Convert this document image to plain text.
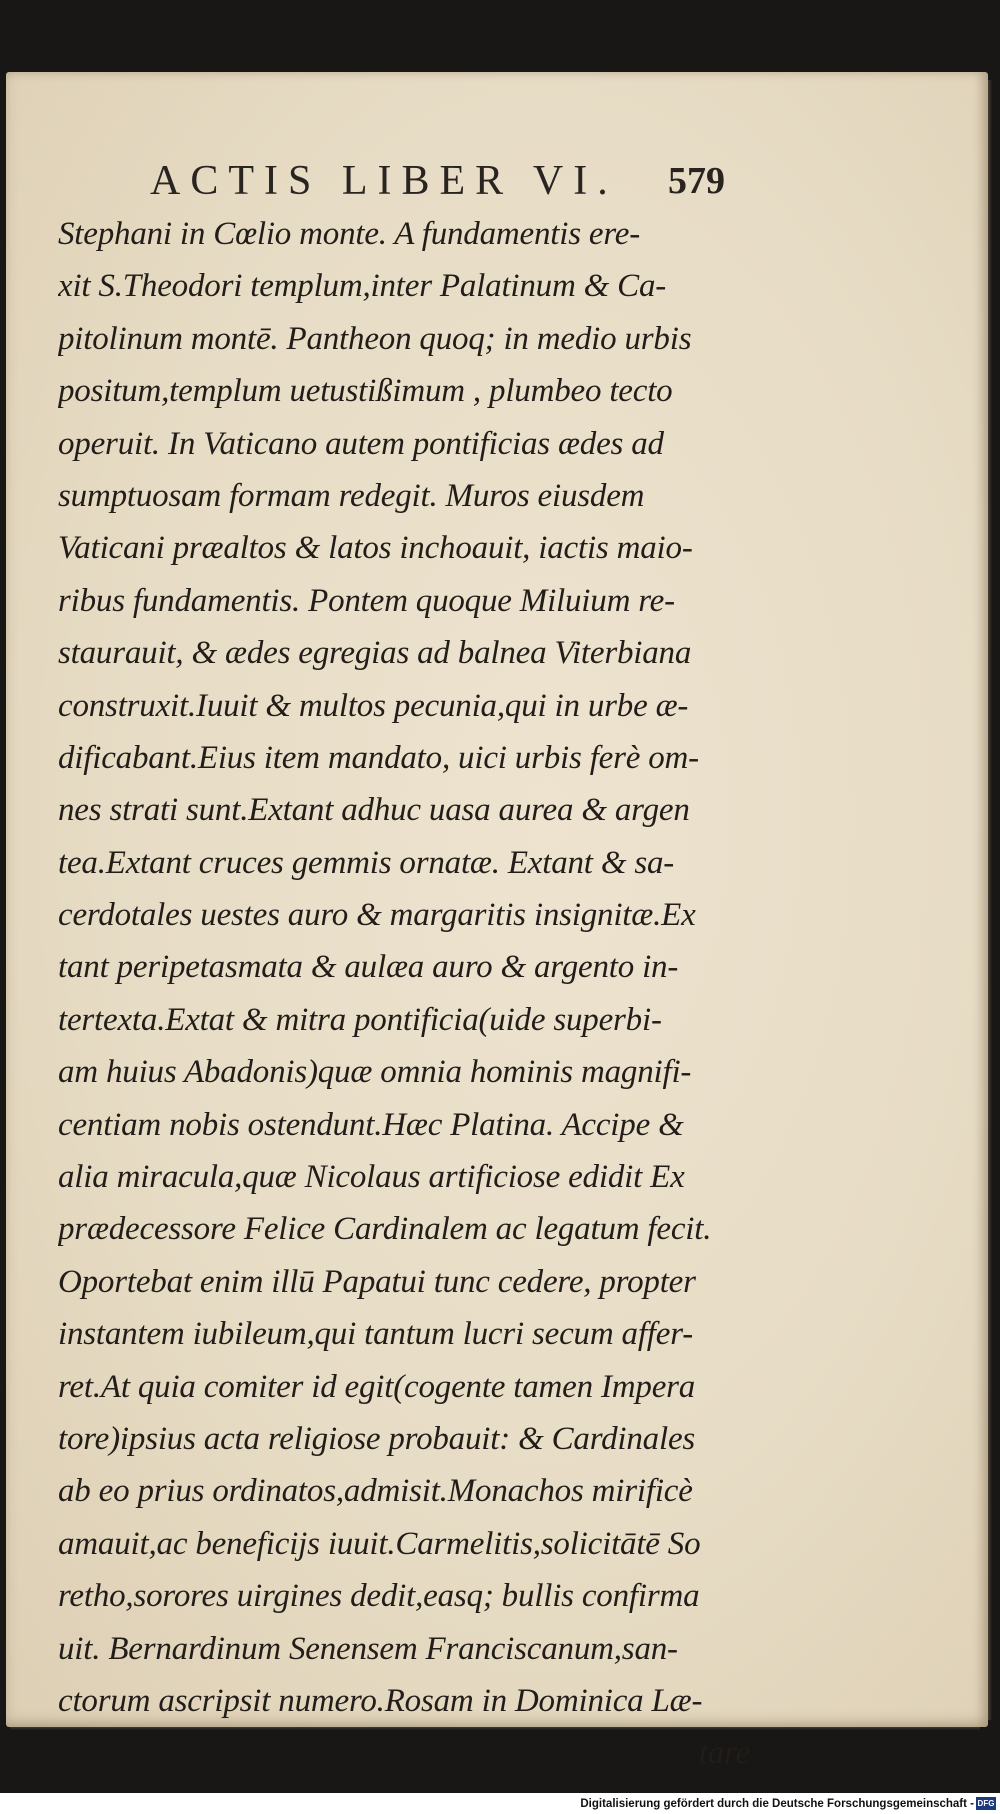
ACTIS LIBER VI.	579
Stephani in Cœlio monte. A fundamentis ere-
xit S.Theodori templum,inter Palatinum & Ca-
pitolinum montē. Pantheon quoq; in medio urbis
positum,templum uetustißimum , plumbeo tecto
operuit. In Vaticano autem pontificias ædes ad
sumptuosam formam redegit. Muros eiusdem
Vaticani præaltos & latos inchoauit, iactis maio-
ribus fundamentis. Pontem quoque Miluium re-
staurauit, & ædes egregias ad balnea Viterbiana
construxit.Iuuit & multos pecunia,qui in urbe æ-
dificabant.Eius item mandato, uici urbis ferè om-
nes strati sunt.Extant adhuc uasa aurea & argen
tea.Extant cruces gemmis ornatæ. Extant & sa-
cerdotales uestes auro & margaritis insignitæ.Ex
tant peripetasmata & aulæa auro & argento in-
tertexta.Extat & mitra pontificia(uide superbi-
am huius Abadonis)quæ omnia hominis magnifi-
centiam nobis ostendunt.Hæc Platina. Accipe &
alia miracula,quæ Nicolaus artificiose edidit Ex
prædecessore Felice Cardinalem ac legatum fecit.
Oportebat enim illū Papatui tunc cedere, propter
instantem iubileum,qui tantum lucri secum affer-
ret.At quia comiter id egit(cogente tamen Impera
tore)ipsius acta religiose probauit: & Cardinales
ab eo prius ordinatos,admisit.Monachos mirificè
amauit,ac beneficijs iuuit.Carmelitis,solicitātē So
retho,sorores uirgines dedit,easq; bullis confirma
uit. Bernardinum Senensem Franciscanum,san-
ctorum ascripsit numero.Rosam in Dominica Læ-
tare
Digitalisierung gefördert durch die Deutsche Forschungsgemeinschaft - DFG
